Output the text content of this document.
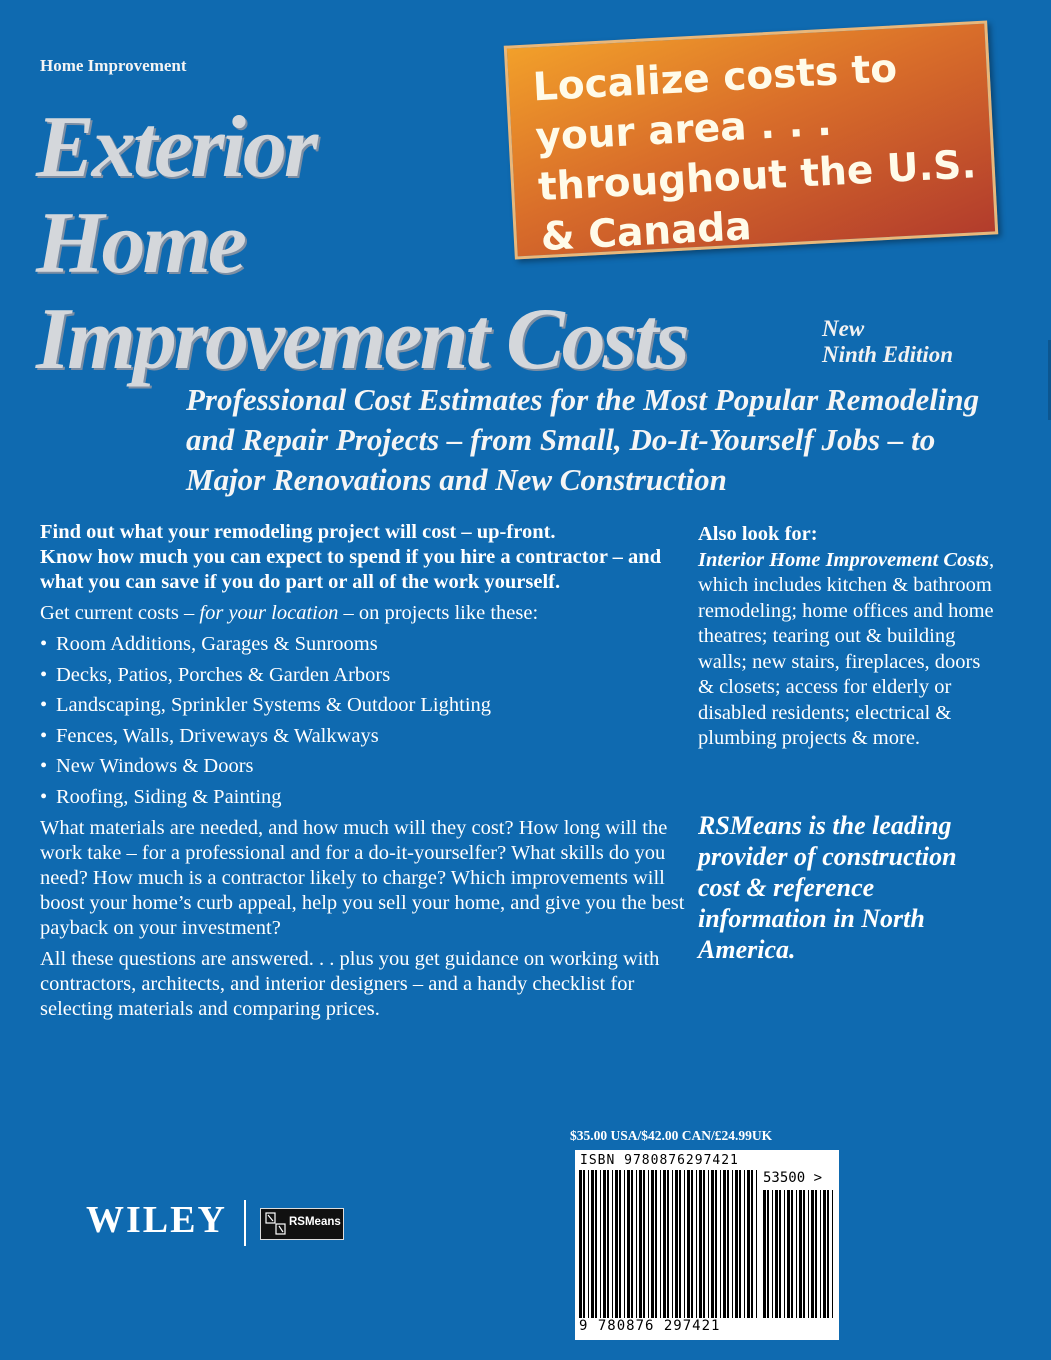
Home Improvement	Localize costs to your area . . . throughout the U.S. & Canada

Exterior
Home
Improvement Costs	New
Ninth Edition

Professional Cost Estimates for the Most Popular Remodeling and Repair Projects – from Small, Do-It-Yourself Jobs – to Major Renovations and New Construction

Find out what your remodeling project will cost – up-front.
Know how much you can expect to spend if you hire a contractor – and what you can save if you do part or all of the work yourself.

Get current costs – for your location – on projects like these:

• Room Additions, Garages & Sunrooms
• Decks, Patios, Porches & Garden Arbors
• Landscaping, Sprinkler Systems & Outdoor Lighting
• Fences, Walls, Driveways & Walkways
• New Windows & Doors
• Roofing, Siding & Painting

What materials are needed, and how much will they cost? How long will the work take – for a professional and for a do-it-yourselfer? What skills do you need? How much is a contractor likely to charge? Which improvements will boost your home’s curb appeal, help you sell your home, and give you the best payback on your investment?

All these questions are answered. . . plus you get guidance on working with contractors, architects, and interior designers – and a handy checklist for selecting materials and comparing prices.

Also look for:
Interior Home Improvement Costs, which includes kitchen & bathroom remodeling; home offices and home theatres; tearing out & building walls; new stairs, fireplaces, doors & closets; access for elderly or disabled residents; electrical & plumbing projects & more.

RSMeans is the leading provider of construction cost & reference information in North America.

$35.00 USA/$42.00 CAN/£24.99UK
ISBN 9780876297421
53500 >
9 780876 297421
WILEY	RSMeans
